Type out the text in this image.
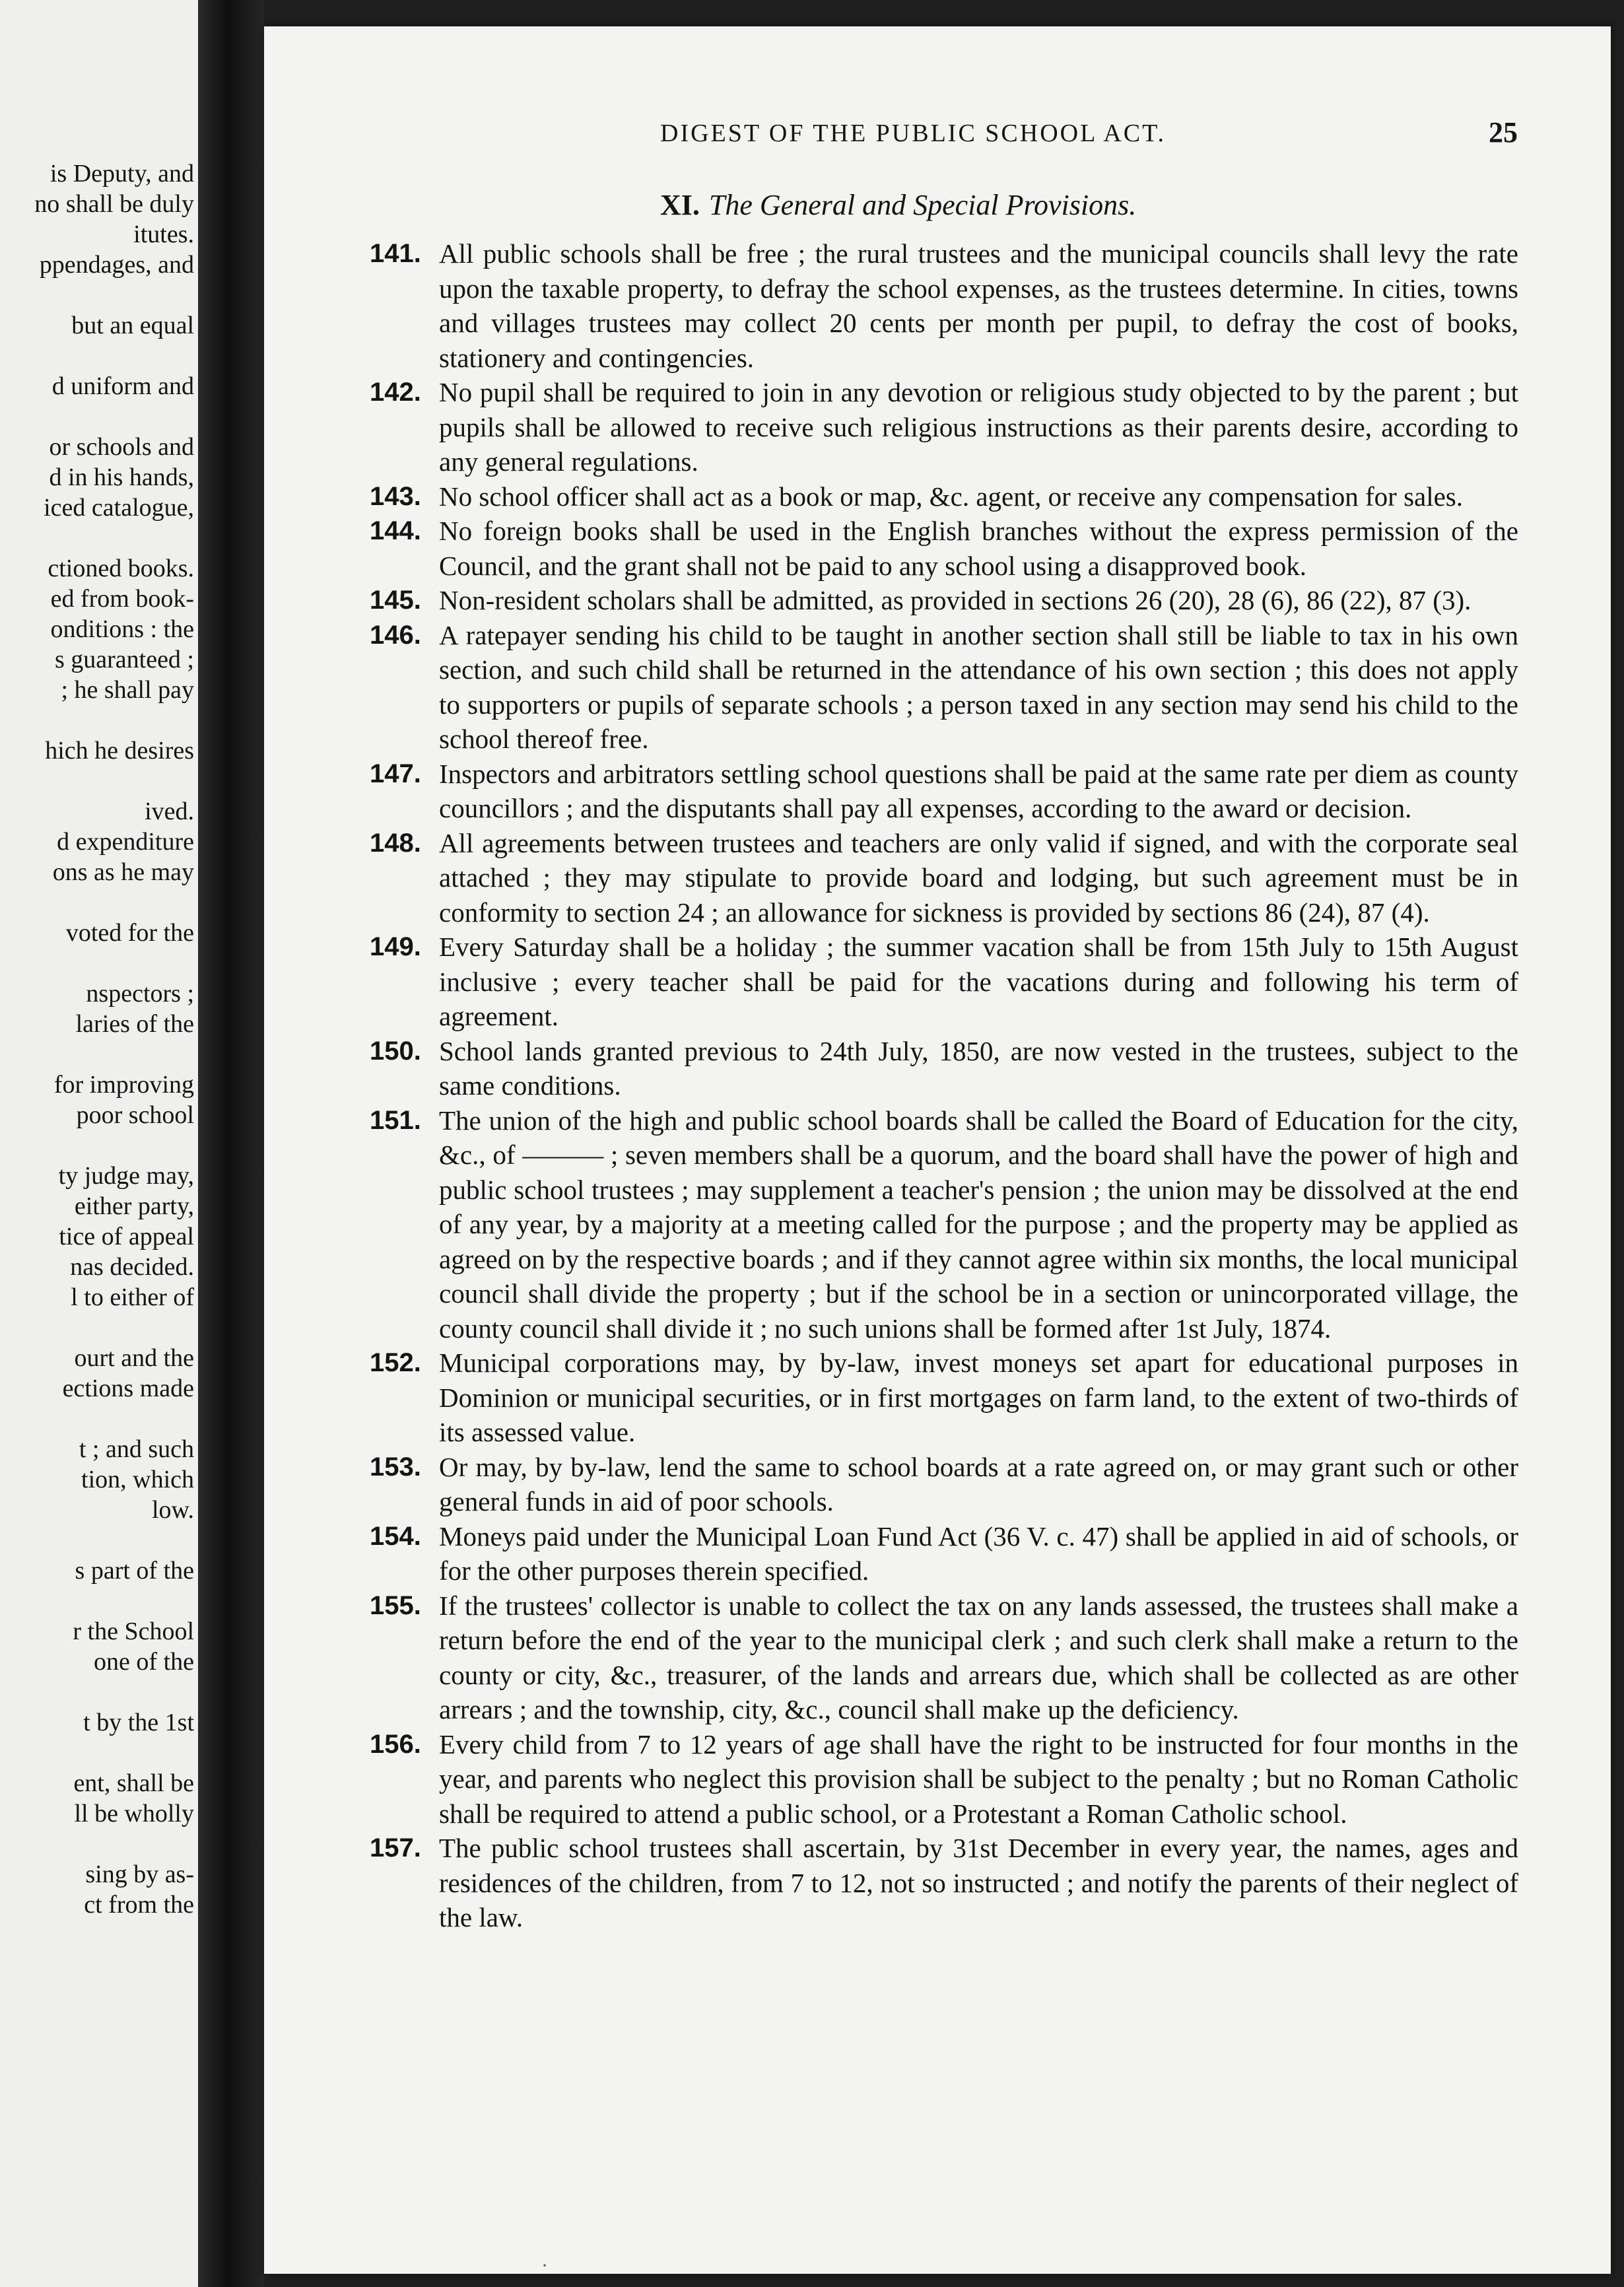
is Deputy, and
no shall be duly
itutes.
ppendages, and
but an equal
d uniform and
or schools and
d in his hands,
iced catalogue,
ctioned books.
ed from book-
onditions : the
s guaranteed ;
; he shall pay
hich he desires
ived.
d expenditure
ons as he may
voted for the
nspectors ;
laries of the
for improving
poor school
ty judge may,
either party,
tice of appeal
nas decided.
l to either of
ourt and the
ections made
t ; and such
tion, which
low.
s part of the
r the School
one of the
t by the 1st
ent, shall be
ll be wholly
sing by as-
ct from the
DIGEST OF THE PUBLIC SCHOOL ACT.	25
XI. The General and Special Provisions.

141. All public schools shall be free ; the rural trustees and the municipal councils shall levy the rate upon the taxable property, to defray the school expenses, as the trustees determine. In cities, towns and villages trustees may collect 20 cents per month per pupil, to defray the cost of books, stationery and contingencies.

142. No pupil shall be required to join in any devotion or religious study objected to by the parent ; but pupils shall be allowed to receive such religious instructions as their parents desire, according to any general regulations.

143. No school officer shall act as a book or map, &c. agent, or receive any compensation for sales.

144. No foreign books shall be used in the English branches without the express permission of the Council, and the grant shall not be paid to any school using a disapproved book.

145. Non-resident scholars shall be admitted, as provided in sections 26 (20), 28 (6), 86 (22), 87 (3).

146. A ratepayer sending his child to be taught in another section shall still be liable to tax in his own section, and such child shall be returned in the attendance of his own section ; this does not apply to supporters or pupils of separate schools ; a person taxed in any section may send his child to the school thereof free.

147. Inspectors and arbitrators settling school questions shall be paid at the same rate per diem as county councillors ; and the disputants shall pay all expenses, according to the award or decision.

148. All agreements between trustees and teachers are only valid if signed, and with the corporate seal attached ; they may stipulate to provide board and lodging, but such agreement must be in conformity to section 24 ; an allowance for sickness is provided by sections 86 (24), 87 (4).

149. Every Saturday shall be a holiday ; the summer vacation shall be from 15th July to 15th August inclusive ; every teacher shall be paid for the vacations during and following his term of agreement.

150. School lands granted previous to 24th July, 1850, are now vested in the trustees, subject to the same conditions.

151. The union of the high and public school boards shall be called the Board of Education for the city, &c., of ——— ; seven members shall be a quorum, and the board shall have the power of high and public school trustees ; may supplement a teacher's pension ; the union may be dissolved at the end of any year, by a majority at a meeting called for the purpose ; and the property may be applied as agreed on by the respective boards ; and if they cannot agree within six months, the local municipal council shall divide the property ; but if the school be in a section or unincorporated village, the county council shall divide it ; no such unions shall be formed after 1st July, 1874.

152. Municipal corporations may, by by-law, invest moneys set apart for educational purposes in Dominion or municipal securities, or in first mortgages on farm land, to the extent of two-thirds of its assessed value.

153. Or may, by by-law, lend the same to school boards at a rate agreed on, or may grant such or other general funds in aid of poor schools.

154. Moneys paid under the Municipal Loan Fund Act (36 V. c. 47) shall be applied in aid of schools, or for the other purposes therein specified.

155. If the trustees' collector is unable to collect the tax on any lands assessed, the trustees shall make a return before the end of the year to the municipal clerk ; and such clerk shall make a return to the county or city, &c., treasurer, of the lands and arrears due, which shall be collected as are other arrears ; and the township, city, &c., council shall make up the deficiency.

156. Every child from 7 to 12 years of age shall have the right to be instructed for four months in the year, and parents who neglect this provision shall be subject to the penalty ; but no Roman Catholic shall be required to attend a public school, or a Protestant a Roman Catholic school.

157. The public school trustees shall ascertain, by 31st December in every year, the names, ages and residences of the children, from 7 to 12, not so instructed ; and notify the parents of their neglect of the law.

·
